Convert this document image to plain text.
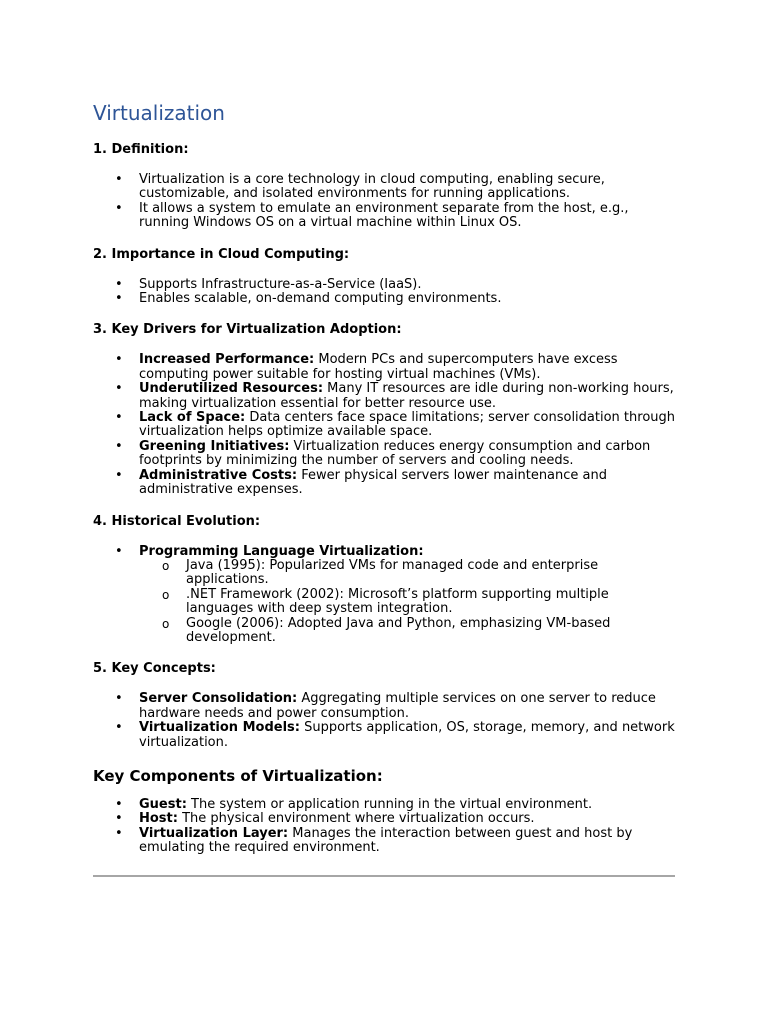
Virtualization

1. Definition:

• Virtualization is a core technology in cloud computing, enabling secure, customizable, and isolated environments for running applications.
• It allows a system to emulate an environment separate from the host, e.g., running Windows OS on a virtual machine within Linux OS.

2. Importance in Cloud Computing:

• Supports Infrastructure-as-a-Service (IaaS).
• Enables scalable, on-demand computing environments.

3. Key Drivers for Virtualization Adoption:

• Increased Performance: Modern PCs and supercomputers have excess computing power suitable for hosting virtual machines (VMs).
• Underutilized Resources: Many IT resources are idle during non-working hours, making virtualization essential for better resource use.
• Lack of Space: Data centers face space limitations; server consolidation through virtualization helps optimize available space.
• Greening Initiatives: Virtualization reduces energy consumption and carbon footprints by minimizing the number of servers and cooling needs.
• Administrative Costs: Fewer physical servers lower maintenance and administrative expenses.

4. Historical Evolution:

• Programming Language Virtualization:
o Java (1995): Popularized VMs for managed code and enterprise applications.
o .NET Framework (2002): Microsoft’s platform supporting multiple languages with deep system integration.
o Google (2006): Adopted Java and Python, emphasizing VM-based development.

5. Key Concepts:

• Server Consolidation: Aggregating multiple services on one server to reduce hardware needs and power consumption.
• Virtualization Models: Supports application, OS, storage, memory, and network virtualization.

Key Components of Virtualization:

• Guest: The system or application running in the virtual environment.
• Host: The physical environment where virtualization occurs.
• Virtualization Layer: Manages the interaction between guest and host by emulating the required environment.
